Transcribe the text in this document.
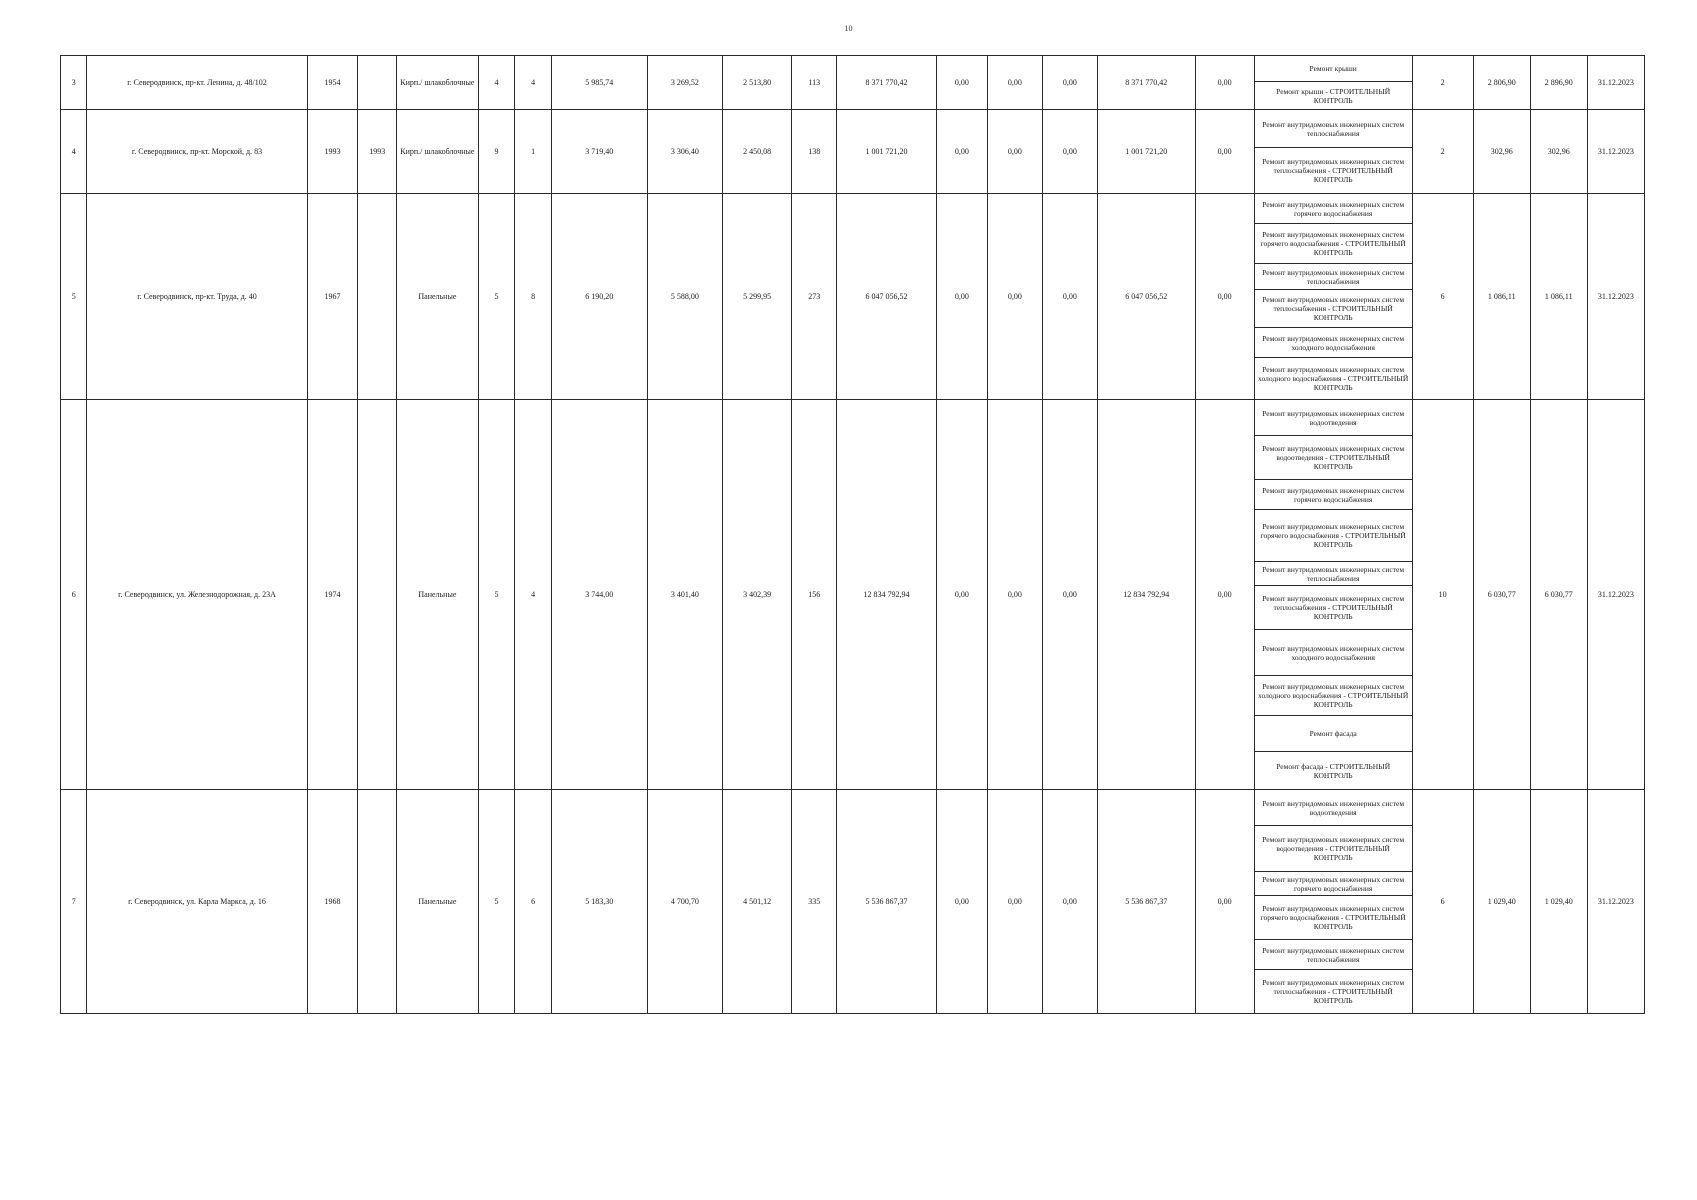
10
3	г. Северодвинск, пр-кт. Ленина, д. 48/102	1954		Кирп./ шлакоблочные	4	4	5 985,74	3 269,52	2 513,80	113	8 371 770,42	0,00	0,00	0,00	8 371 770,42	0,00	Ремонт крыши	2	2 806,90	2 896,90	31.12.2023
																	Ремонт крыши - СТРОИТЕЛЬНЫЙ КОНТРОЛЬ				
4	г. Северодвинск, пр-кт. Морской, д. 83	1993	1993	Кирп./ шлакоблочные	9	1	3 719,40	3 306,40	2 450,08	138	1 001 721,20	0,00	0,00	0,00	1 001 721,20	0,00	Ремонт внутридомовых инженерных систем теплоснабжения	2	302,96	302,96	31.12.2023
																	Ремонт внутридомовых инженерных систем теплоснабжения - СТРОИТЕЛЬНЫЙ КОНТРОЛЬ				
5	г. Северодвинск, пр-кт. Труда, д. 40	1967		Панельные	5	8	6 190,20	5 588,00	5 299,95	273	6 047 056,52	0,00	0,00	0,00	6 047 056,52	0,00	Ремонт внутридомовых инженерных систем горячего водоснабжения	6	1 086,11	1 086,11	31.12.2023
																	Ремонт внутридомовых инженерных систем горячего водоснабжения - СТРОИТЕЛЬНЫЙ КОНТРОЛЬ				
																	Ремонт внутридомовых инженерных систем теплоснабжения				
																	Ремонт внутридомовых инженерных систем теплоснабжения - СТРОИТЕЛЬНЫЙ КОНТРОЛЬ				
																	Ремонт внутридомовых инженерных систем холодного водоснабжения				
																	Ремонт внутридомовых инженерных систем холодного водоснабжения - СТРОИТЕЛЬНЫЙ КОНТРОЛЬ				
6	г. Северодвинск, ул. Железнодорожная, д. 23А	1974		Панельные	5	4	3 744,00	3 401,40	3 402,39	156	12 834 792,94	0,00	0,00	0,00	12 834 792,94	0,00	Ремонт внутридомовых инженерных систем водоотведения	10	6 030,77	6 030,77	31.12.2023
																	Ремонт внутридомовых инженерных систем водоотведения - СТРОИТЕЛЬНЫЙ КОНТРОЛЬ				
																	Ремонт внутридомовых инженерных систем горячего водоснабжения				
																	Ремонт внутридомовых инженерных систем горячего водоснабжения - СТРОИТЕЛЬНЫЙ КОНТРОЛЬ				
																	Ремонт внутридомовых инженерных систем теплоснабжения				
																	Ремонт внутридомовых инженерных систем теплоснабжения - СТРОИТЕЛЬНЫЙ КОНТРОЛЬ				
																	Ремонт внутридомовых инженерных систем холодного водоснабжения				
																	Ремонт внутридомовых инженерных систем холодного водоснабжения - СТРОИТЕЛЬНЫЙ КОНТРОЛЬ				
																	Ремонт фасада				
																	Ремонт фасада - СТРОИТЕЛЬНЫЙ КОНТРОЛЬ				
7	г. Северодвинск, ул. Карла Маркса, д. 16	1968		Панельные	5	6	5 183,30	4 700,70	4 501,12	335	5 536 867,37	0,00	0,00	0,00	5 536 867,37	0,00	Ремонт внутридомовых инженерных систем водоотведения	6	1 029,40	1 029,40	31.12.2023
																	Ремонт внутридомовых инженерных систем водоотведения - СТРОИТЕЛЬНЫЙ КОНТРОЛЬ				
																	Ремонт внутридомовых инженерных систем горячего водоснабжения				
																	Ремонт внутридомовых инженерных систем горячего водоснабжения - СТРОИТЕЛЬНЫЙ КОНТРОЛЬ				
																	Ремонт внутридомовых инженерных систем теплоснабжения				
																	Ремонт внутридомовых инженерных систем теплоснабжения - СТРОИТЕЛЬНЫЙ КОНТРОЛЬ				
